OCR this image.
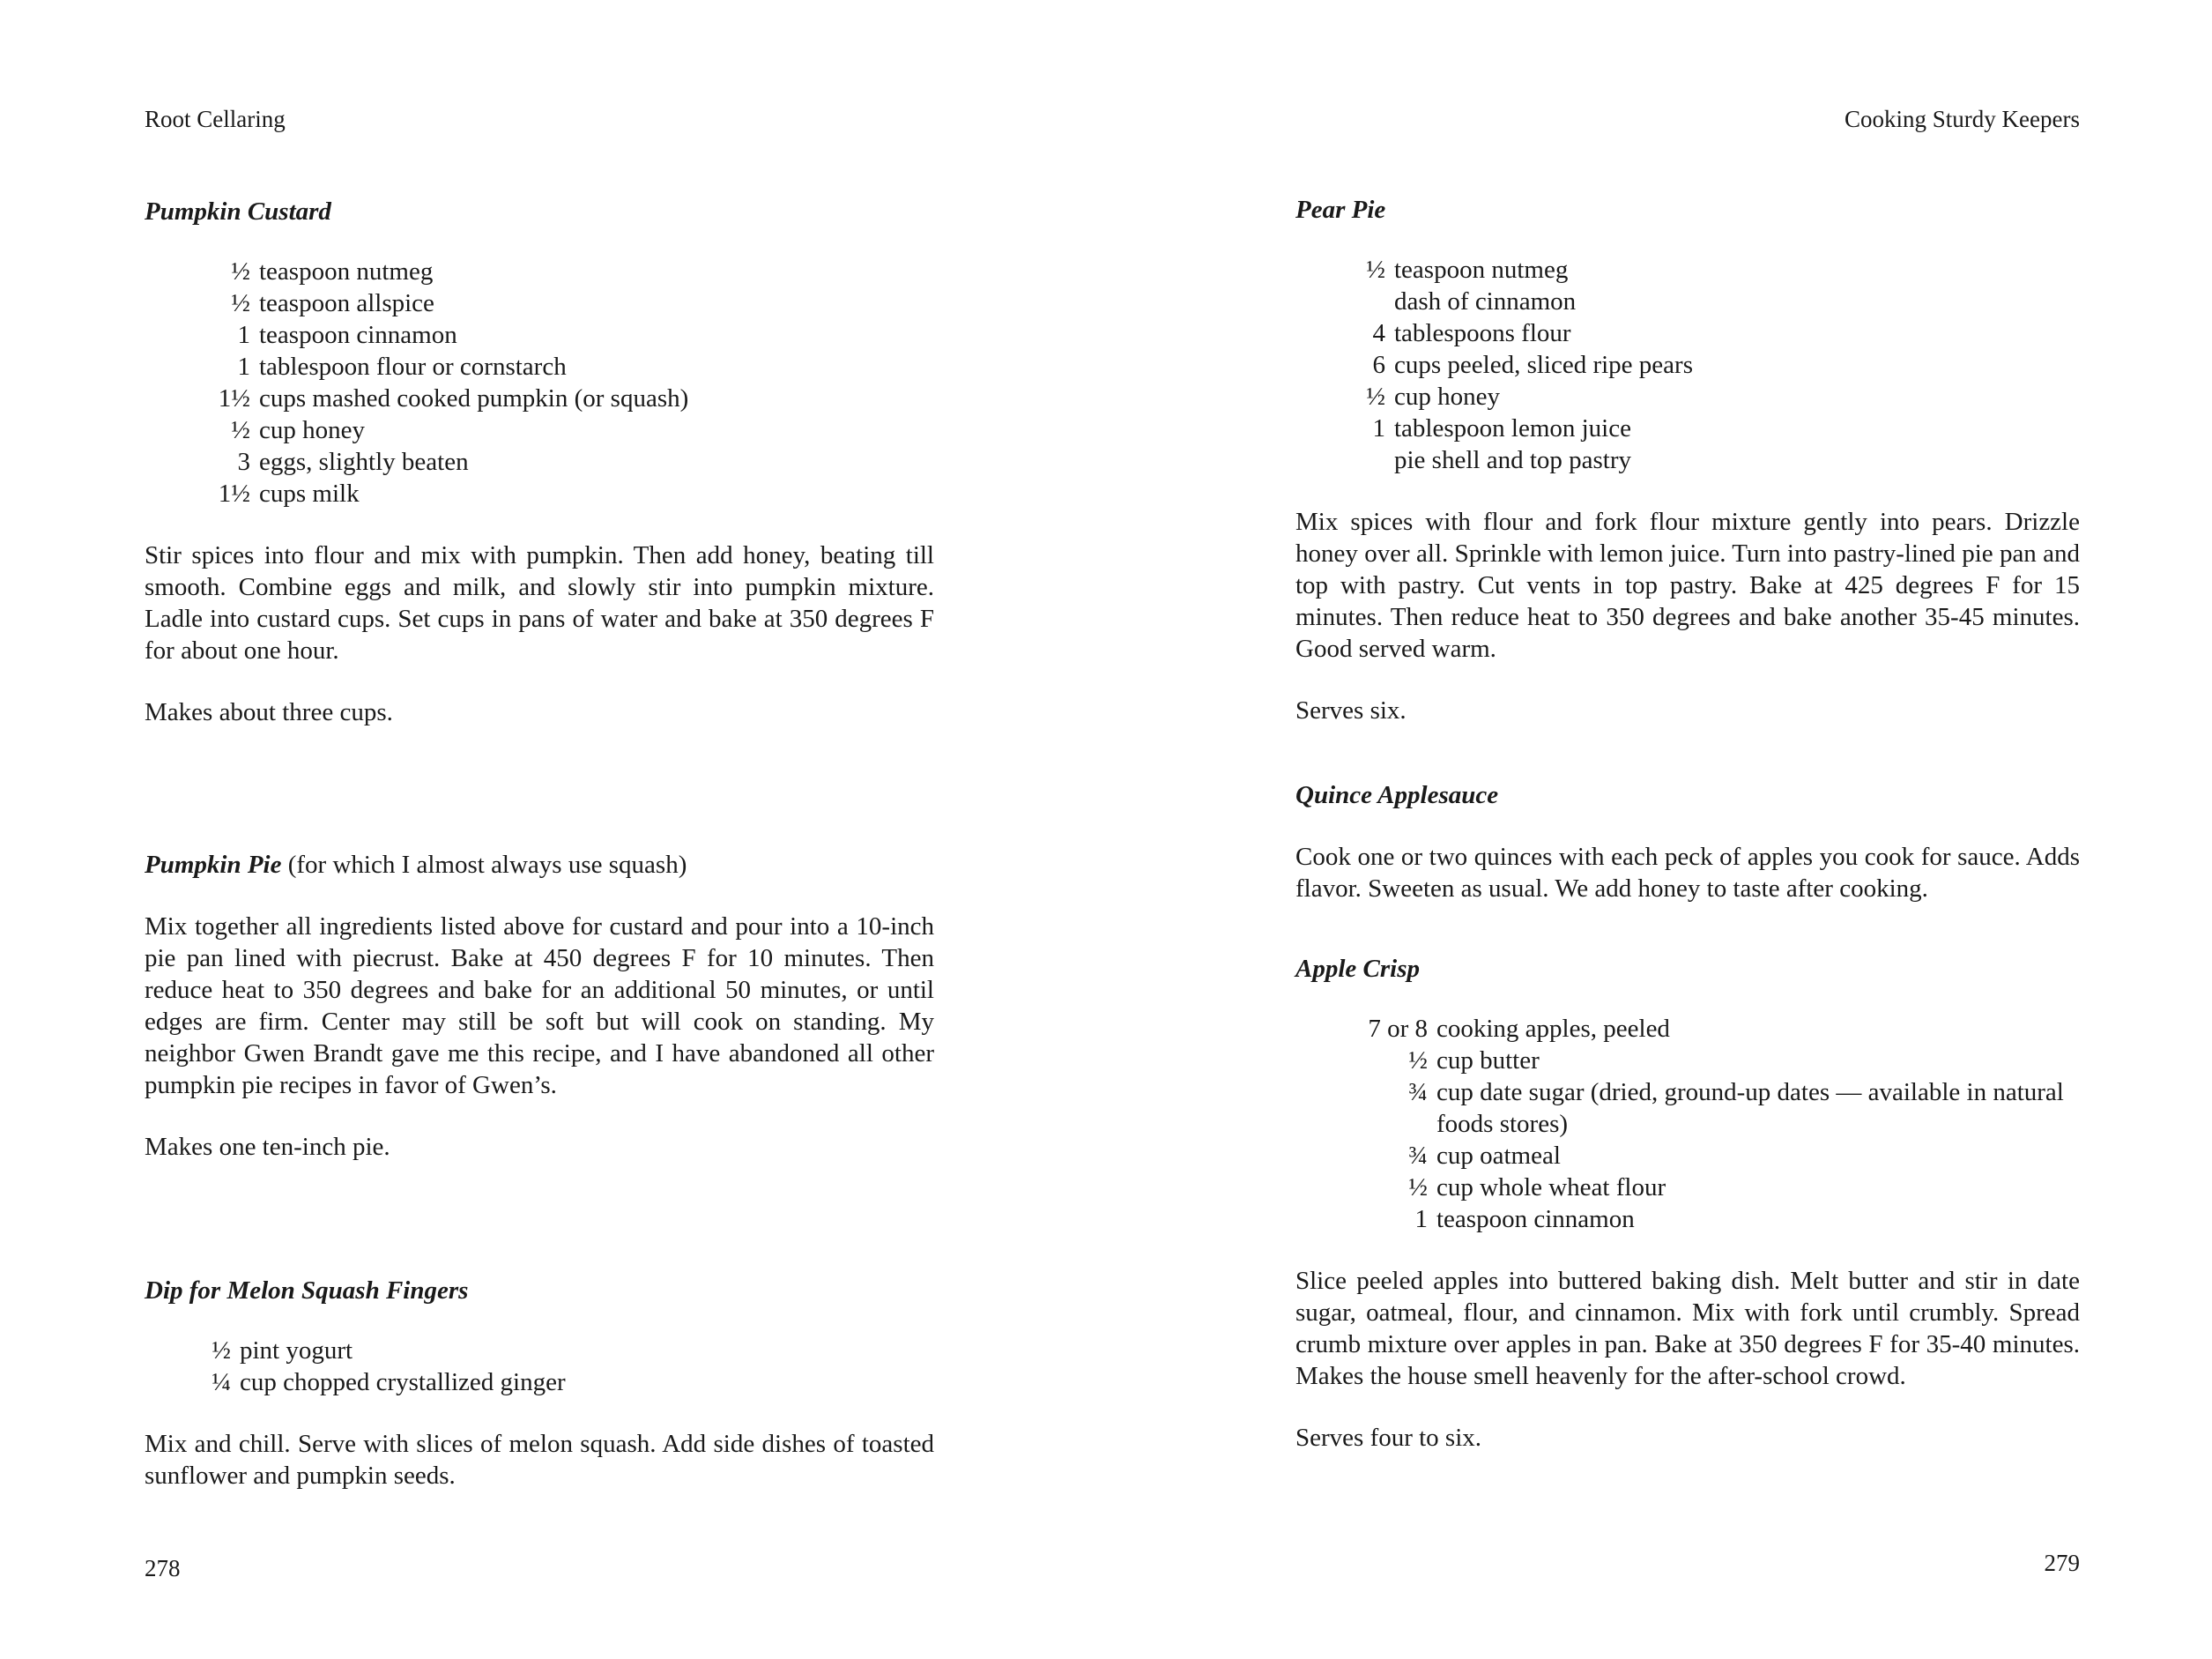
Root Cellaring

Pumpkin Custard

½ teaspoon nutmeg
½ teaspoon allspice
1 teaspoon cinnamon
1 tablespoon flour or cornstarch
1½ cups mashed cooked pumpkin (or squash)
½ cup honey
3 eggs, slightly beaten
1½ cups milk

Stir spices into flour and mix with pumpkin. Then add honey, beating till smooth. Combine eggs and milk, and slowly stir into pumpkin mixture. Ladle into custard cups. Set cups in pans of water and bake at 350 degrees F for about one hour.

Makes about three cups.

Pumpkin Pie (for which I almost always use squash)

Mix together all ingredients listed above for custard and pour into a 10-inch pie pan lined with piecrust. Bake at 450 degrees F for 10 minutes. Then reduce heat to 350 degrees and bake for an additional 50 minutes, or until edges are firm. Center may still be soft but will cook on standing. My neighbor Gwen Brandt gave me this recipe, and I have abandoned all other pumpkin pie recipes in favor of Gwen’s.

Makes one ten-inch pie.

Dip for Melon Squash Fingers

½ pint yogurt
¼ cup chopped crystallized ginger

Mix and chill. Serve with slices of melon squash. Add side dishes of toasted sunflower and pumpkin seeds.

278
Cooking Sturdy Keepers

Pear Pie

½ teaspoon nutmeg
dash of cinnamon
4 tablespoons flour
6 cups peeled, sliced ripe pears
½ cup honey
1 tablespoon lemon juice
pie shell and top pastry

Mix spices with flour and fork flour mixture gently into pears. Drizzle honey over all. Sprinkle with lemon juice. Turn into pastry-lined pie pan and top with pastry. Cut vents in top pastry. Bake at 425 degrees F for 15 minutes. Then reduce heat to 350 degrees and bake another 35-45 minutes. Good served warm.

Serves six.

Quince Applesauce

Cook one or two quinces with each peck of apples you cook for sauce. Adds flavor. Sweeten as usual. We add honey to taste after cooking.

Apple Crisp

7 or 8 cooking apples, peeled
½ cup butter
¾ cup date sugar (dried, ground-up dates — available in natural foods stores)
¾ cup oatmeal
½ cup whole wheat flour
1 teaspoon cinnamon

Slice peeled apples into buttered baking dish. Melt butter and stir in date sugar, oatmeal, flour, and cinnamon. Mix with fork until crumbly. Spread crumb mixture over apples in pan. Bake at 350 degrees F for 35-40 minutes. Makes the house smell heavenly for the after-school crowd.

Serves four to six.

279
